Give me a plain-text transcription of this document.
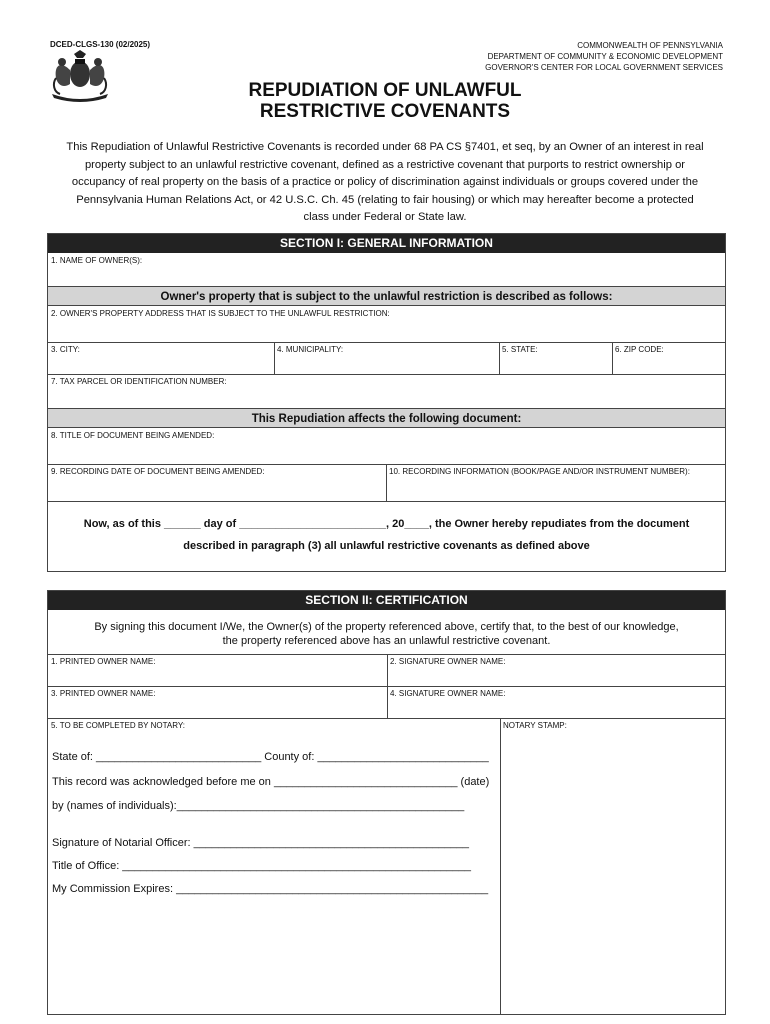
DCED-CLGS-130 (02/2025)	COMMONWEALTH OF PENNSYLVANIA
DEPARTMENT OF COMMUNITY & ECONOMIC DEVELOPMENT
GOVERNOR'S CENTER FOR LOCAL GOVERNMENT SERVICES
REPUDIATION OF UNLAWFUL
RESTRICTIVE COVENANTS
This Repudiation of Unlawful Restrictive Covenants is recorded under 68 PA CS §7401, et seq, by an Owner of an interest in real property subject to an unlawful restrictive covenant, defined as a restrictive covenant that purports to restrict ownership or occupancy of real property on the basis of a practice or policy of discrimination against individuals or groups covered under the Pennsylvania Human Relations Act, or 42 U.S.C. Ch. 45 (relating to fair housing) or which may hereafter become a protected class under Federal or State law.
SECTION I: GENERAL INFORMATION
1. NAME OF OWNER(S):
Owner's property that is subject to the unlawful restriction is described as follows:
2. OWNER'S PROPERTY ADDRESS THAT IS SUBJECT TO THE UNLAWFUL RESTRICTION:
3. CITY:	4. MUNICIPALITY:	5. STATE:	6. ZIP CODE:
7. TAX PARCEL OR IDENTIFICATION NUMBER:
This Repudiation affects the following document:
8. TITLE OF DOCUMENT BEING AMENDED:
9. RECORDING DATE OF DOCUMENT BEING AMENDED:	10. RECORDING INFORMATION (BOOK/PAGE AND/OR INSTRUMENT NUMBER):
Now, as of this ______ day of ________________________, 20____, the Owner hereby repudiates from the document
described in paragraph (3) all unlawful restrictive covenants as defined above
SECTION II: CERTIFICATION
By signing this document I/We, the Owner(s) of the property referenced above, certify that, to the best of our knowledge,
the property referenced above has an unlawful restrictive covenant.
1. PRINTED OWNER NAME:	2. SIGNATURE OWNER NAME:
3. PRINTED OWNER NAME:	4. SIGNATURE OWNER NAME:
5. TO BE COMPLETED BY NOTARY:
State of: ___________________________ County of: ____________________________
This record was acknowledged before me on ______________________________ (date)
by (names of individuals):_______________________________________________
Signature of Notarial Officer: _____________________________________________
Title of Office: _________________________________________________________
My Commission Expires: ___________________________________________________
NOTARY STAMP:
